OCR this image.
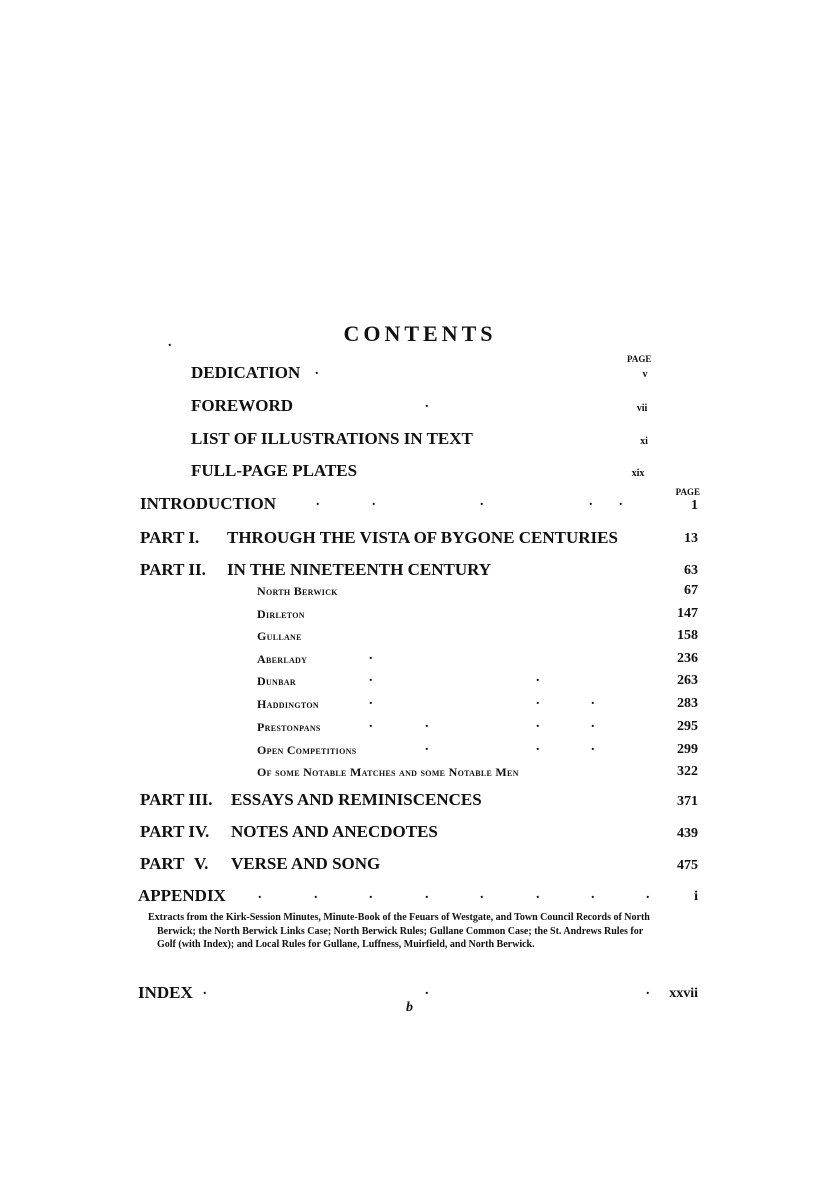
CONTENTS
.
PAGE
DEDICATION .	v
FOREWORD	.	vii
LIST OF ILLUSTRATIONS IN TEXT	xi
FULL-PAGE PLATES	xix
PAGE
INTRODUCTION	.	.	.	. .	1
PART I. THROUGH THE VISTA OF BYGONE CENTURIES	13
PART II. IN THE NINETEENTH CENTURY	63
North Berwick	67
Dirleton	147
Gullane	158
Aberlady	.	236
Dunbar	.	.	263
Haddington	.	.	.	283
Prestonpans	.	.	.	.	295
Open Competitions	.	.	.	299
Of some Notable Matches and some Notable Men	322
PART III. ESSAYS AND REMINISCENCES	371
PART IV. NOTES AND ANECDOTES	439
PART V. VERSE AND SONG	475
APPENDIX .	.	.	.	.	.	.	.	i
Extracts from the Kirk-Session Minutes, Minute-Book of the Feuars of Westgate, and Town Council Records of North Berwick; the North Berwick Links Case; North Berwick Rules; Gullane Common Case; the St. Andrews Rules for Golf (with Index); and Local Rules for Gullane, Luffness, Muirfield, and North Berwick.
INDEX .	.	.	xxvii
b
